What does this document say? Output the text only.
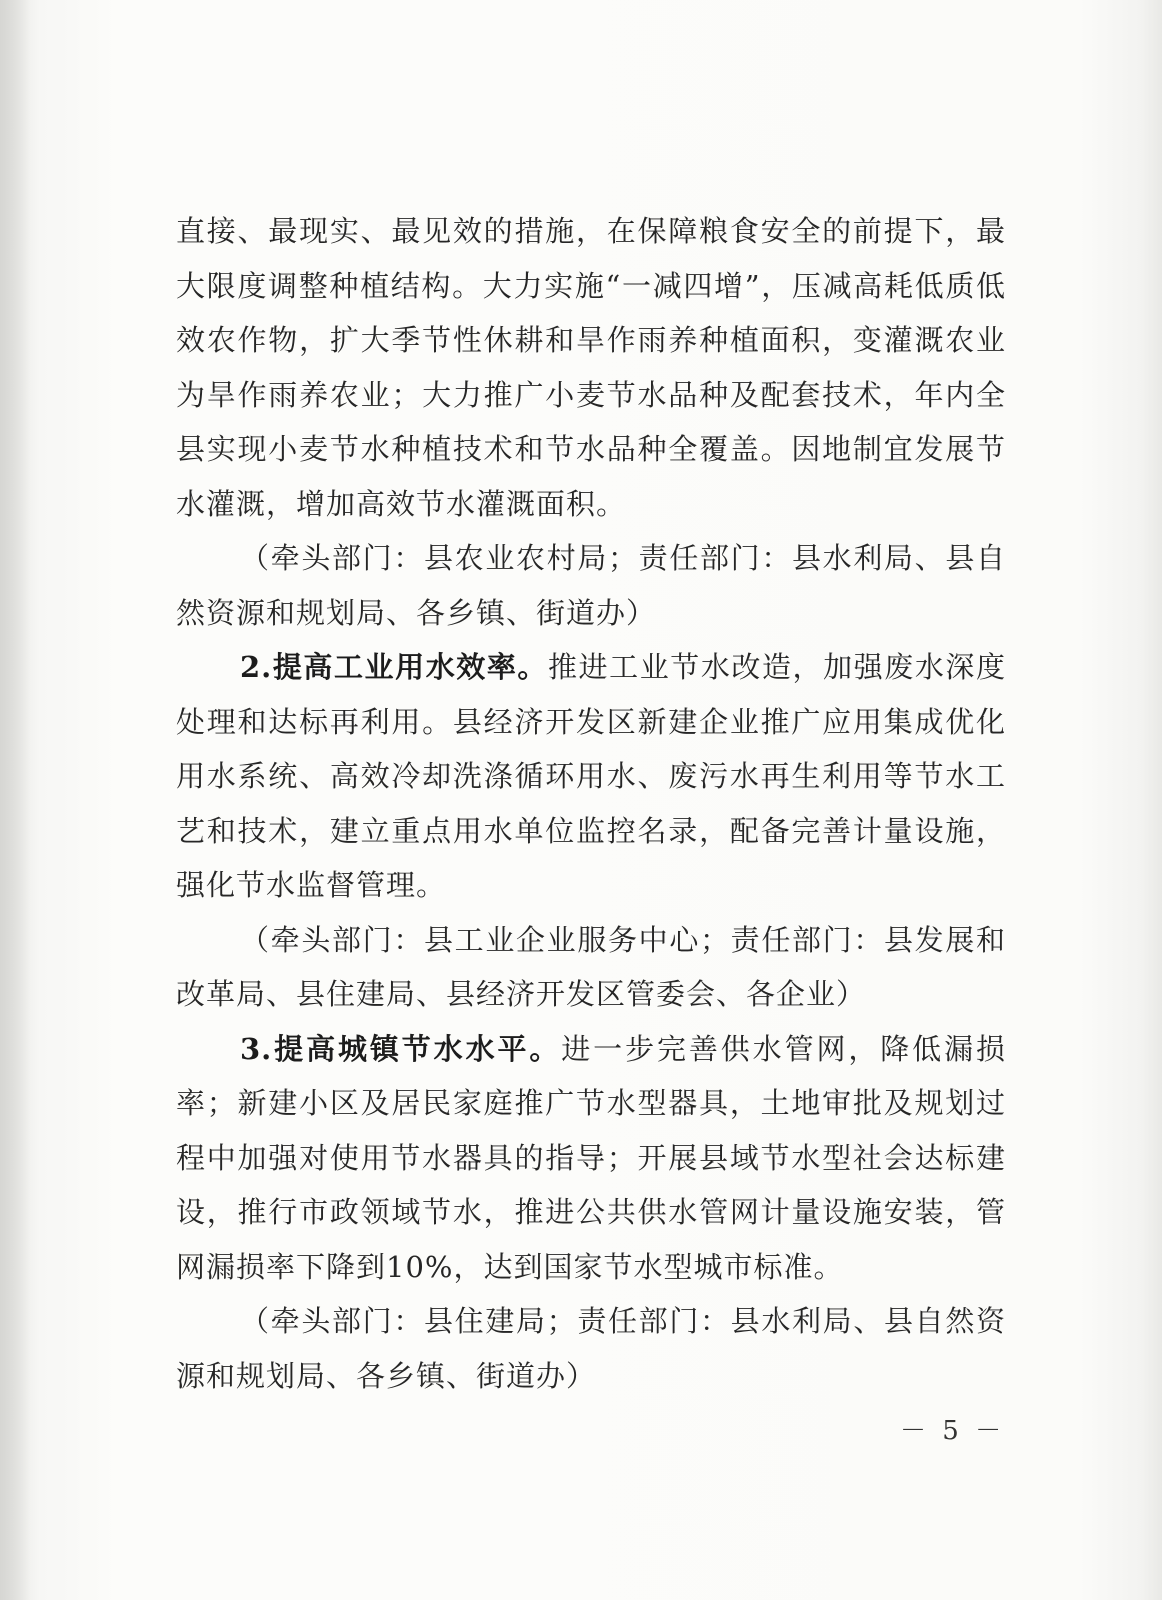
直接、最现实、最见效的措施，在保障粮食安全的前提下，最大限度调整种植结构。大力实施“一减四增”，压减高耗低质低效农作物，扩大季节性休耕和旱作雨养种植面积，变灌溉农业为旱作雨养农业；大力推广小麦节水品种及配套技术，年内全县实现小麦节水种植技术和节水品种全覆盖。因地制宜发展节水灌溉，增加高效节水灌溉面积。

（牵头部门：县农业农村局；责任部门：县水利局、县自然资源和规划局、各乡镇、街道办）

2.提高工业用水效率。推进工业节水改造，加强废水深度处理和达标再利用。县经济开发区新建企业推广应用集成优化用水系统、高效冷却洗涤循环用水、废污水再生利用等节水工艺和技术，建立重点用水单位监控名录，配备完善计量设施，强化节水监督管理。

（牵头部门：县工业企业服务中心；责任部门：县发展和改革局、县住建局、县经济开发区管委会、各企业）

3.提高城镇节水水平。进一步完善供水管网，降低漏损率；新建小区及居民家庭推广节水型器具，土地审批及规划过程中加强对使用节水器具的指导；开展县域节水型社会达标建设，推行市政领域节水，推进公共供水管网计量设施安装，管网漏损率下降到10%，达到国家节水型城市标准。

（牵头部门：县住建局；责任部门：县水利局、县自然资源和规划局、各乡镇、街道办）

－ 5 －
